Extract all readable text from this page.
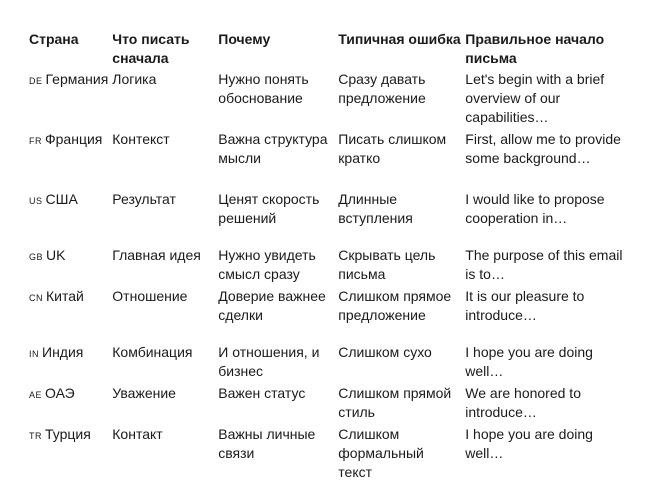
Страна	Что писать сначала	Почему	Типичная ошибка	Правильное начало письма
DE Германия	Логика	Нужно понять обоснование	Сразу давать предложение	Let's begin with a brief overview of our capabilities…
FR Франция	Контекст	Важна структура мысли	Писать слишком кратко	First, allow me to provide some background…
US США	Результат	Ценят скорость решений	Длинные вступления	I would like to propose cooperation in…
GB UK	Главная идея	Нужно увидеть смысл сразу	Скрывать цель письма	The purpose of this email is to…
CN Китай	Отношение	Доверие важнее сделки	Слишком прямое предложение	It is our pleasure to introduce…
IN Индия	Комбинация	И отношения, и бизнес	Слишком сухо	I hope you are doing well…
AE ОАЭ	Уважение	Важен статус	Слишком прямой стиль	We are honored to introduce…
TR Турция	Контакт	Важны личные связи	Слишком формальный текст	I hope you are doing well…
